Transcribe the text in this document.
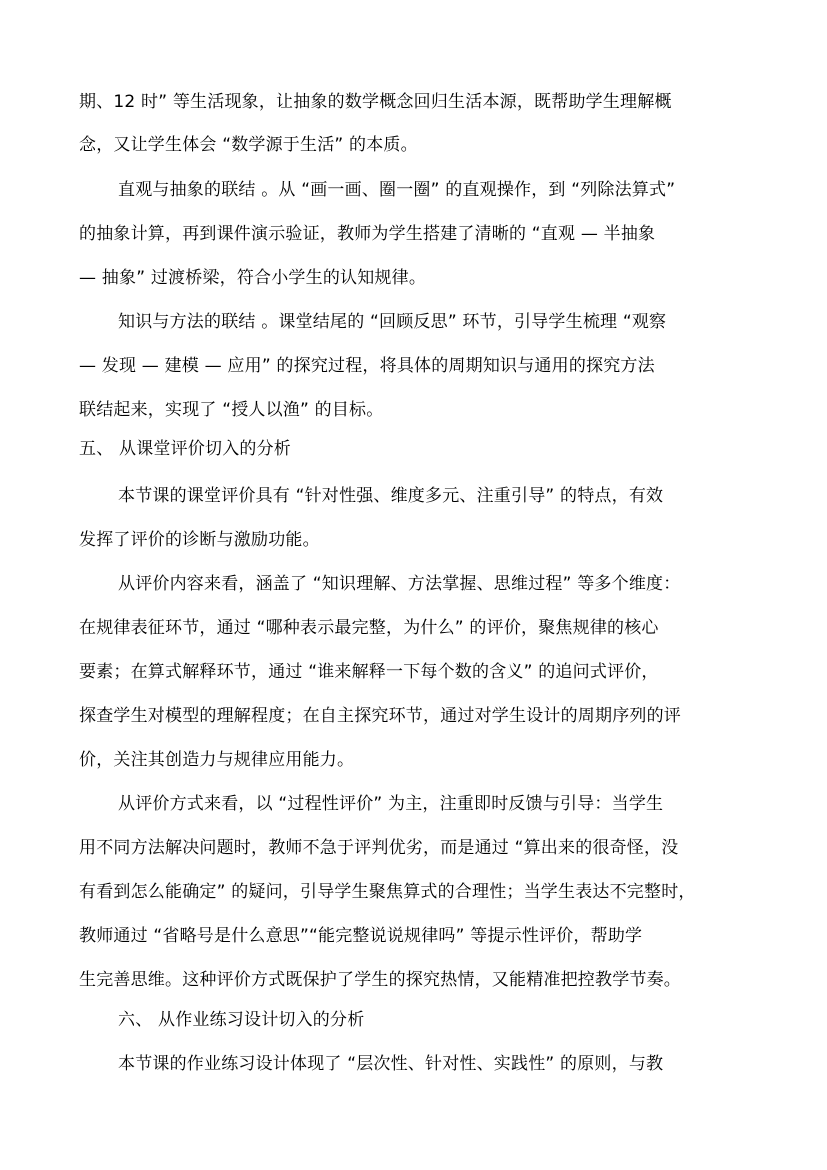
期、12 时” 等生活现象，让抽象的数学概念回归生活本源，既帮助学生理解概
念，又让学生体会 “数学源于生活” 的本质。
直观与抽象的联结 。从 “画一画、圈一圈” 的直观操作，到 “列除法算式”
的抽象计算，再到课件演示验证，教师为学生搭建了清晰的 “直观 — 半抽象
— 抽象” 过渡桥梁，符合小学生的认知规律。
知识与方法的联结 。课堂结尾的 “回顾反思” 环节，引导学生梳理 “观察
— 发现 — 建模 — 应用” 的探究过程，将具体的周期知识与通用的探究方法
联结起来，实现了 “授人以渔” 的目标。
五、 从课堂评价切入的分析
本节课的课堂评价具有 “针对性强、维度多元、注重引导” 的特点，有效
发挥了评价的诊断与激励功能。
从评价内容来看，涵盖了 “知识理解、方法掌握、思维过程” 等多个维度：
在规律表征环节，通过 “哪种表示最完整，为什么” 的评价，聚焦规律的核心
要素；在算式解释环节，通过 “谁来解释一下每个数的含义” 的追问式评价，
探查学生对模型的理解程度；在自主探究环节，通过对学生设计的周期序列的评
价，关注其创造力与规律应用能力。
从评价方式来看，以 “过程性评价” 为主，注重即时反馈与引导：当学生
用不同方法解决问题时，教师不急于评判优劣，而是通过 “算出来的很奇怪，没
有看到怎么能确定” 的疑问，引导学生聚焦算式的合理性；当学生表达不完整时，
教师通过 “省略号是什么意思”“能完整说说规律吗” 等提示性评价，帮助学
生完善思维。这种评价方式既保护了学生的探究热情，又能精准把控教学节奏。
六、 从作业练习设计切入的分析
本节课的作业练习设计体现了 “层次性、针对性、实践性” 的原则，与教
